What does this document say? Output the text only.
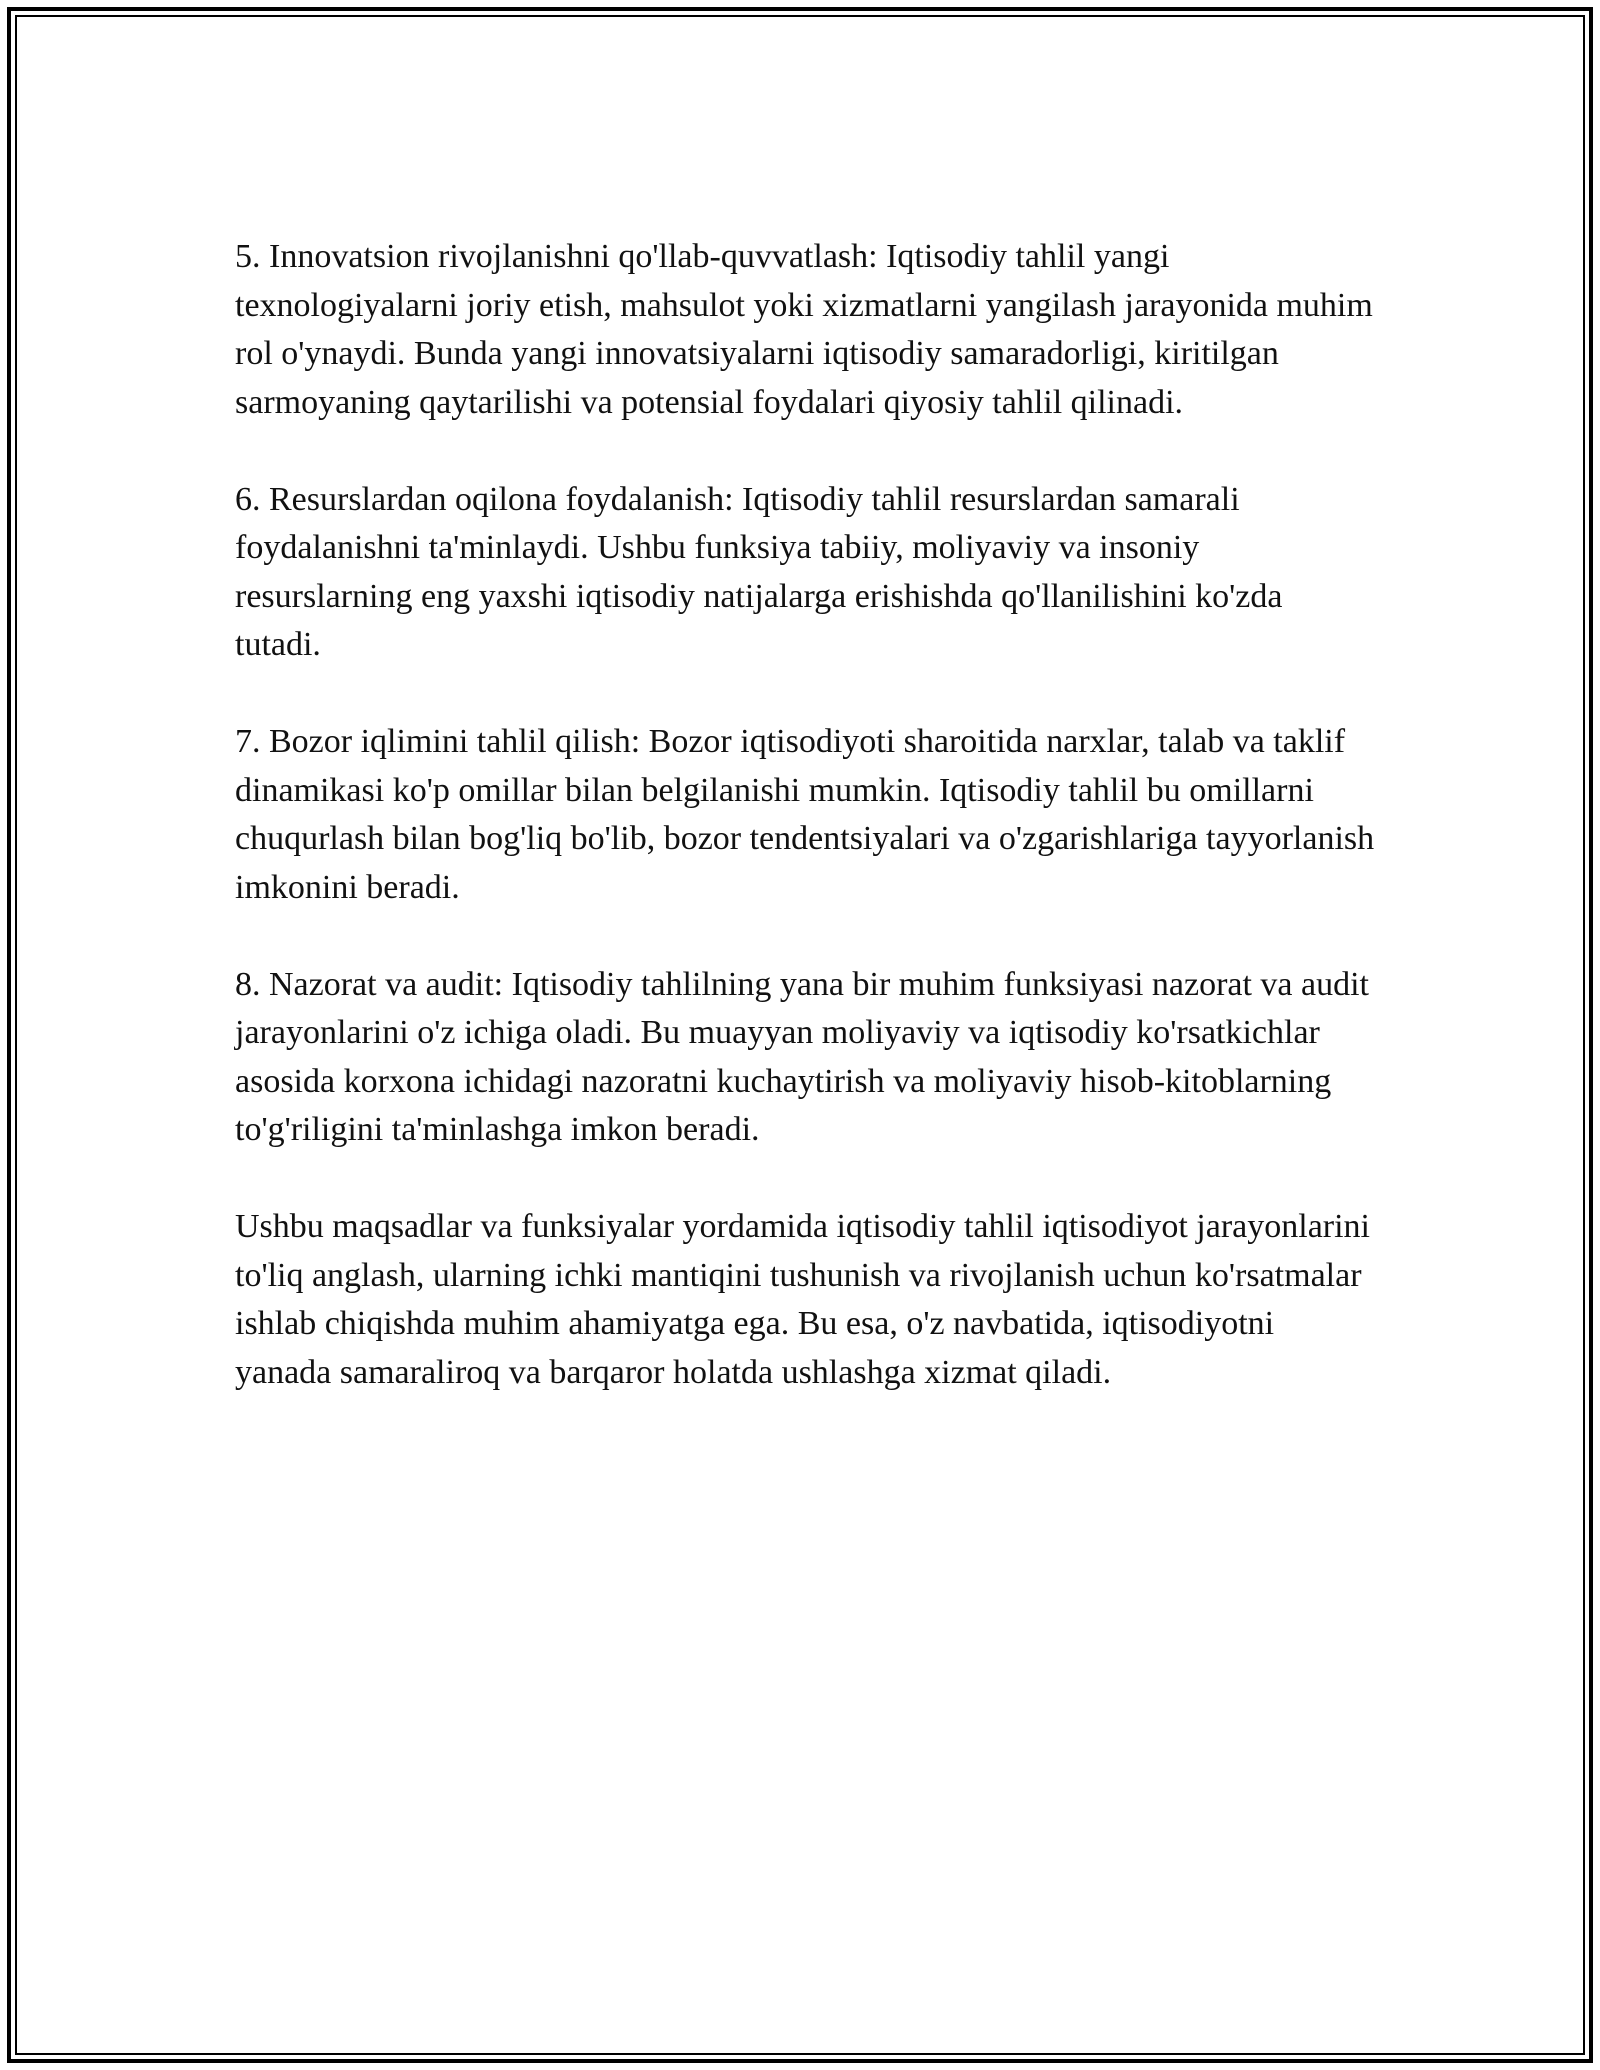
5. Innovatsion rivojlanishni qo'llab-quvvatlash: Iqtisodiy tahlil yangi texnologiyalarni joriy etish, mahsulot yoki xizmatlarni yangilash jarayonida muhim rol o'ynaydi. Bunda yangi innovatsiyalarni iqtisodiy samaradorligi, kiritilgan sarmoyaning qaytarilishi va potensial foydalari qiyosiy tahlil qilinadi.

6. Resurslardan oqilona foydalanish: Iqtisodiy tahlil resurslardan samarali foydalanishni ta'minlaydi. Ushbu funksiya tabiiy, moliyaviy va insoniy resurslarning eng yaxshi iqtisodiy natijalarga erishishda qo'llanilishini ko'zda tutadi.

7. Bozor iqlimini tahlil qilish: Bozor iqtisodiyoti sharoitida narxlar, talab va taklif dinamikasi ko'p omillar bilan belgilanishi mumkin. Iqtisodiy tahlil bu omillarni chuqurlash bilan bog'liq bo'lib, bozor tendentsiyalari va o'zgarishlariga tayyorlanish imkonini beradi.

8. Nazorat va audit: Iqtisodiy tahlilning yana bir muhim funksiyasi nazorat va audit jarayonlarini o'z ichiga oladi. Bu muayyan moliyaviy va iqtisodiy ko'rsatkichlar asosida korxona ichidagi nazoratni kuchaytirish va moliyaviy hisob-kitoblarning to'g'riligini ta'minlashga imkon beradi.

Ushbu maqsadlar va funksiyalar yordamida iqtisodiy tahlil iqtisodiyot jarayonlarini to'liq anglash, ularning ichki mantiqini tushunish va rivojlanish uchun ko'rsatmalar ishlab chiqishda muhim ahamiyatga ega. Bu esa, o'z navbatida, iqtisodiyotni yanada samaraliroq va barqaror holatda ushlashga xizmat qiladi.
